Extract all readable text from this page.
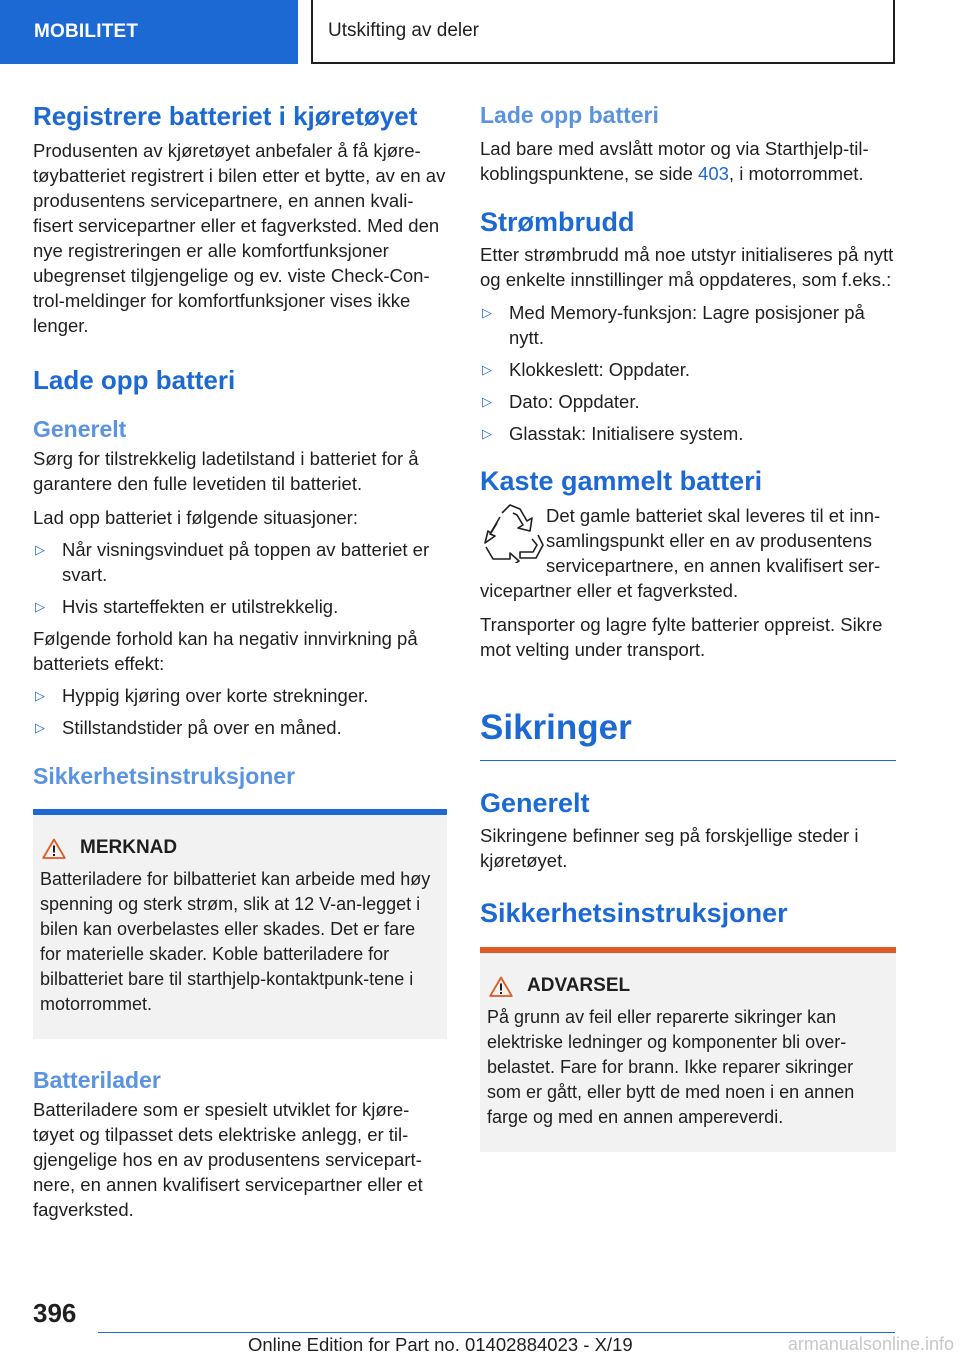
MOBILITET	Utskifting av deler
Registrere batteriet i kjøretøyet

Produsenten av kjøretøyet anbefaler å få kjøre-tøybatteriet registrert i bilen etter et bytte, av en av produsentens servicepartnere, en annen kvali-fisert servicepartner eller et fagverksted. Med den nye registreringen er alle komfortfunksjoner ubegrenset tilgjengelige og ev. viste Check-Con-trol-meldinger for komfortfunksjoner vises ikke lenger.

Lade opp batteri
Generelt

Sørg for tilstrekkelig ladetilstand i batteriet for å garantere den fulle levetiden til batteriet.

Lad opp batteriet i følgende situasjoner:

▷ Når visningsvinduet på toppen av batteriet er svart.
▷ Hvis starteffekten er utilstrekkelig.

Følgende forhold kan ha negativ innvirkning på batteriets effekt:

▷ Hyppig kjøring over korte strekninger.
▷ Stillstandstider på over en måned.
Sikkerhetsinstruksjoner
MERKNAD

Batteriladere for bilbatteriet kan arbeide med høy spenning og sterk strøm, slik at 12 V-an-legget i bilen kan overbelastes eller skades. Det er fare for materielle skader. Koble batteriladere for bilbatteriet bare til starthjelp-kontaktpunk-tene i motorrommet.

Batterilader

Batteriladere som er spesielt utviklet for kjøre-tøyet og tilpasset dets elektriske anlegg, er til-gjengelige hos en av produsentens servicepart-nere, en annen kvalifisert servicepartner eller et fagverksted.

Lade opp batteri

Lad bare med avslått motor og via Starthjelp-til-koblingspunktene, se side 403, i motorrommet.

Strømbrudd

Etter strømbrudd må noe utstyr initialiseres på nytt og enkelte innstillinger må oppdateres, som f.eks.:

▷ Med Memory-funksjon: Lagre posisjoner på nytt.
▷ Klokkeslett: Oppdater.
▷ Dato: Oppdater.
▷ Glasstak: Initialisere system.
Kaste gammelt batteri

Det gamle batteriet skal leveres til et inn-samlingspunkt eller en av produsentens servicepartnere, en annen kvalifisert ser-

vicepartner eller et fagverksted.

Transporter og lagre fylte batterier oppreist. Sikre mot velting under transport.

Sikringer
Generelt

Sikringene befinner seg på forskjellige steder i kjøretøyet.

Sikkerhetsinstruksjoner
ADVARSEL

På grunn av feil eller reparerte sikringer kan elektriske ledninger og komponenter bli over-belastet. Fare for brann. Ikke reparer sikringer som er gått, eller bytt de med noen i en annen farge og med en annen ampereverdi.

396
Online Edition for Part no. 01402884023 - X/19	armanualsonline.info
